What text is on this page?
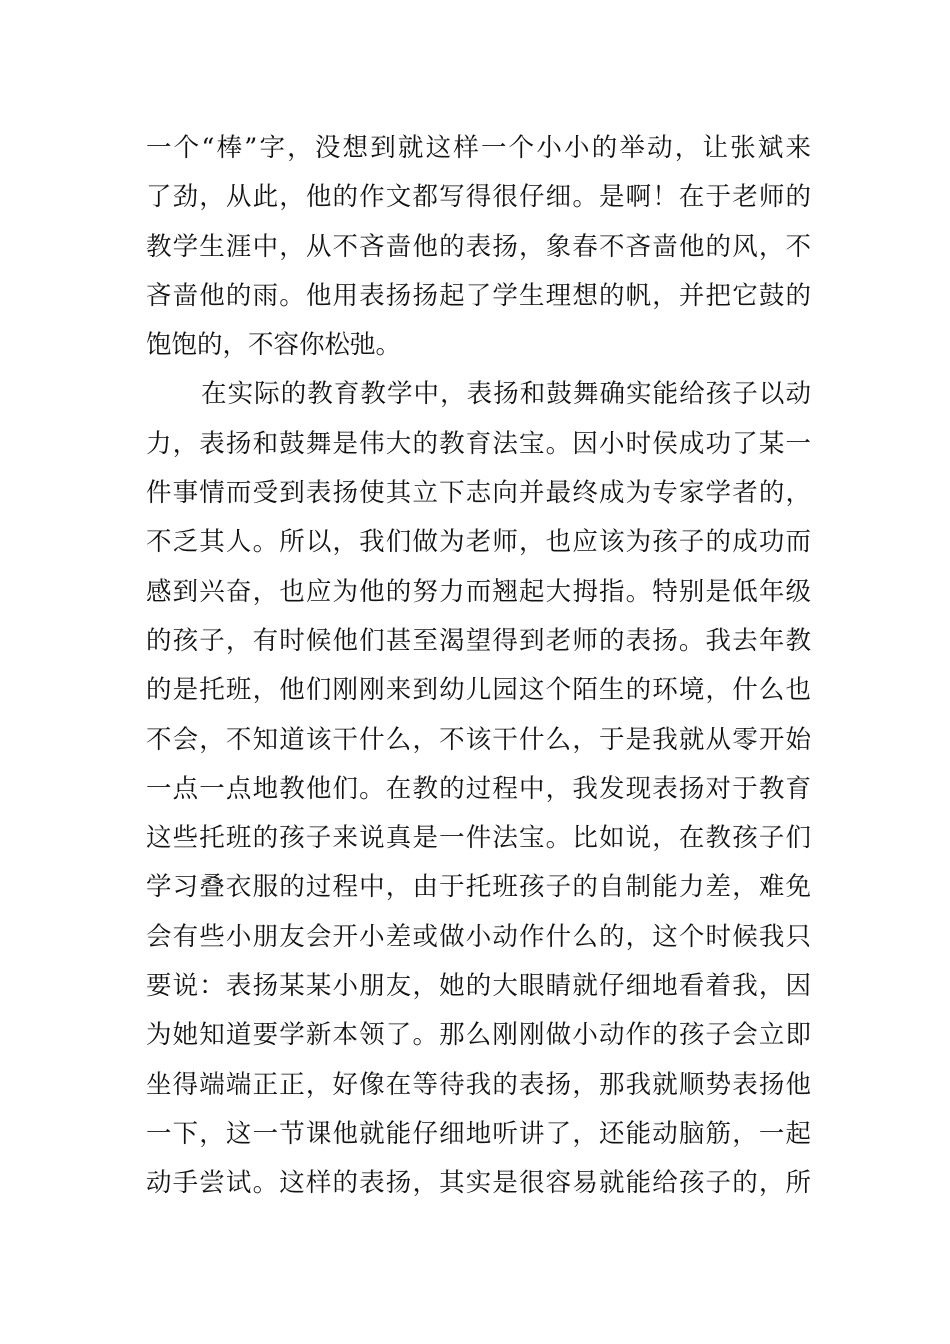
一个“棒”字，没想到就这样一个小小的举动，让张斌来
了劲，从此，他的作文都写得很仔细。是啊！在于老师的
教学生涯中，从不吝啬他的表扬，象春不吝啬他的风，不
吝啬他的雨。他用表扬扬起了学生理想的帆，并把它鼓的
饱饱的，不容你松弛。
在实际的教育教学中，表扬和鼓舞确实能给孩子以动
力，表扬和鼓舞是伟大的教育法宝。因小时侯成功了某一
件事情而受到表扬使其立下志向并最终成为专家学者的，
不乏其人。所以，我们做为老师，也应该为孩子的成功而
感到兴奋，也应为他的努力而翘起大拇指。特别是低年级
的孩子，有时候他们甚至渴望得到老师的表扬。我去年教
的是托班，他们刚刚来到幼儿园这个陌生的环境，什么也
不会，不知道该干什么，不该干什么，于是我就从零开始
一点一点地教他们。在教的过程中，我发现表扬对于教育
这些托班的孩子来说真是一件法宝。比如说，在教孩子们
学习叠衣服的过程中，由于托班孩子的自制能力差，难免
会有些小朋友会开小差或做小动作什么的，这个时候我只
要说：表扬某某小朋友，她的大眼睛就仔细地看着我，因
为她知道要学新本领了。那么刚刚做小动作的孩子会立即
坐得端端正正，好像在等待我的表扬，那我就顺势表扬他
一下，这一节课他就能仔细地听讲了，还能动脑筋，一起
动手尝试。这样的表扬，其实是很容易就能给孩子的，所
